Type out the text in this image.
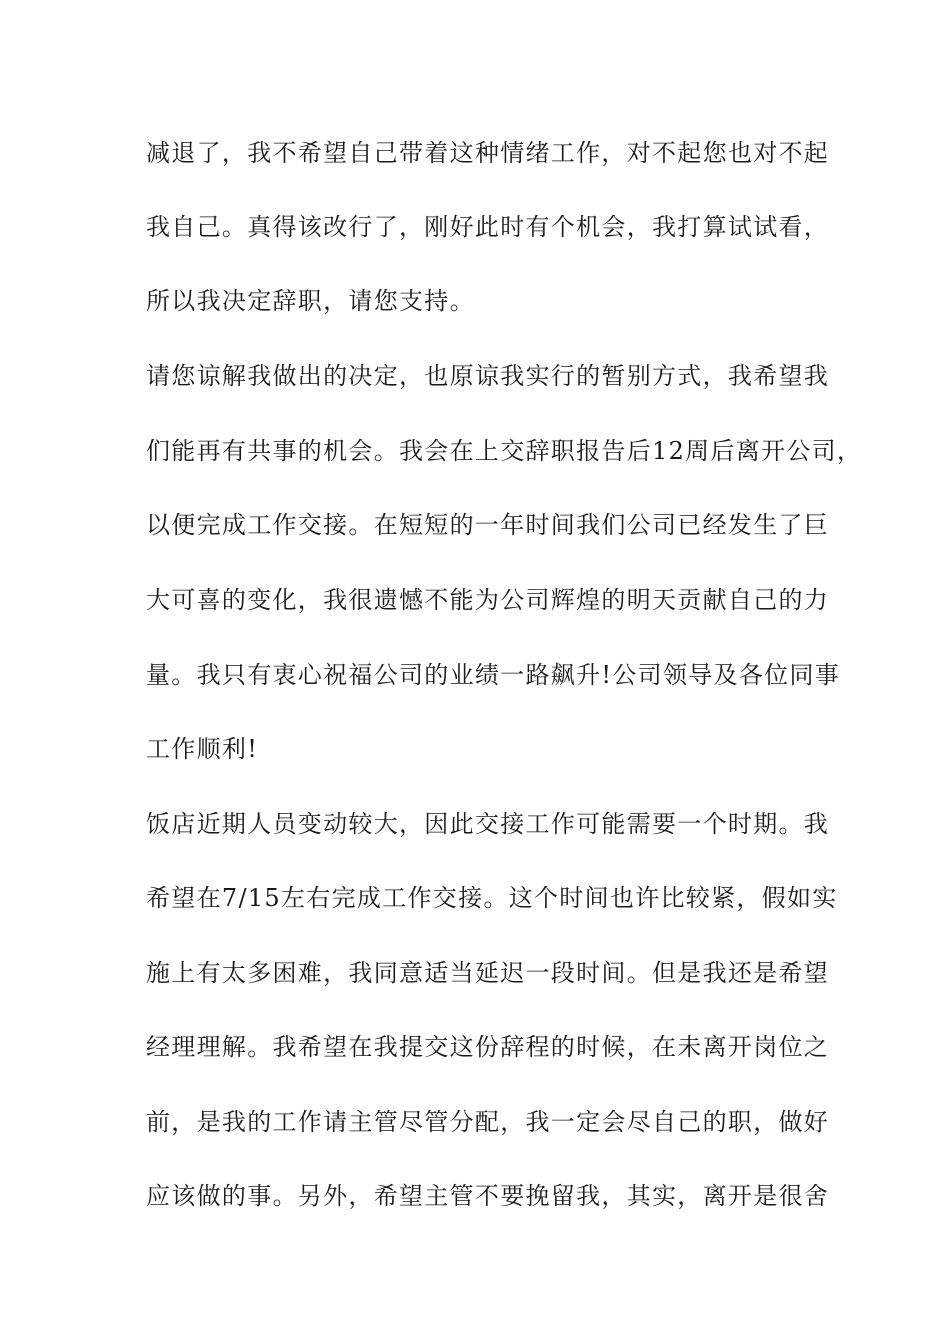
减退了，我不希望自己带着这种情绪工作，对不起您也对不起
我自己。真得该改行了，刚好此时有个机会，我打算试试看，
所以我决定辞职，请您支持。
请您谅解我做出的决定，也原谅我实行的暂别方式，我希望我
们能再有共事的机会。我会在上交辞职报告后12周后离开公司，
以便完成工作交接。在短短的一年时间我们公司已经发生了巨
大可喜的变化，我很遗憾不能为公司辉煌的明天贡献自己的力
量。我只有衷心祝福公司的业绩一路飙升!公司领导及各位同事
工作顺利!
饭店近期人员变动较大，因此交接工作可能需要一个时期。我
希望在7/15左右完成工作交接。这个时间也许比较紧，假如实
施上有太多困难，我同意适当延迟一段时间。但是我还是希望
经理理解。我希望在我提交这份辞程的时候，在未离开岗位之
前，是我的工作请主管尽管分配，我一定会尽自己的职，做好
应该做的事。另外，希望主管不要挽留我，其实，离开是很舍
